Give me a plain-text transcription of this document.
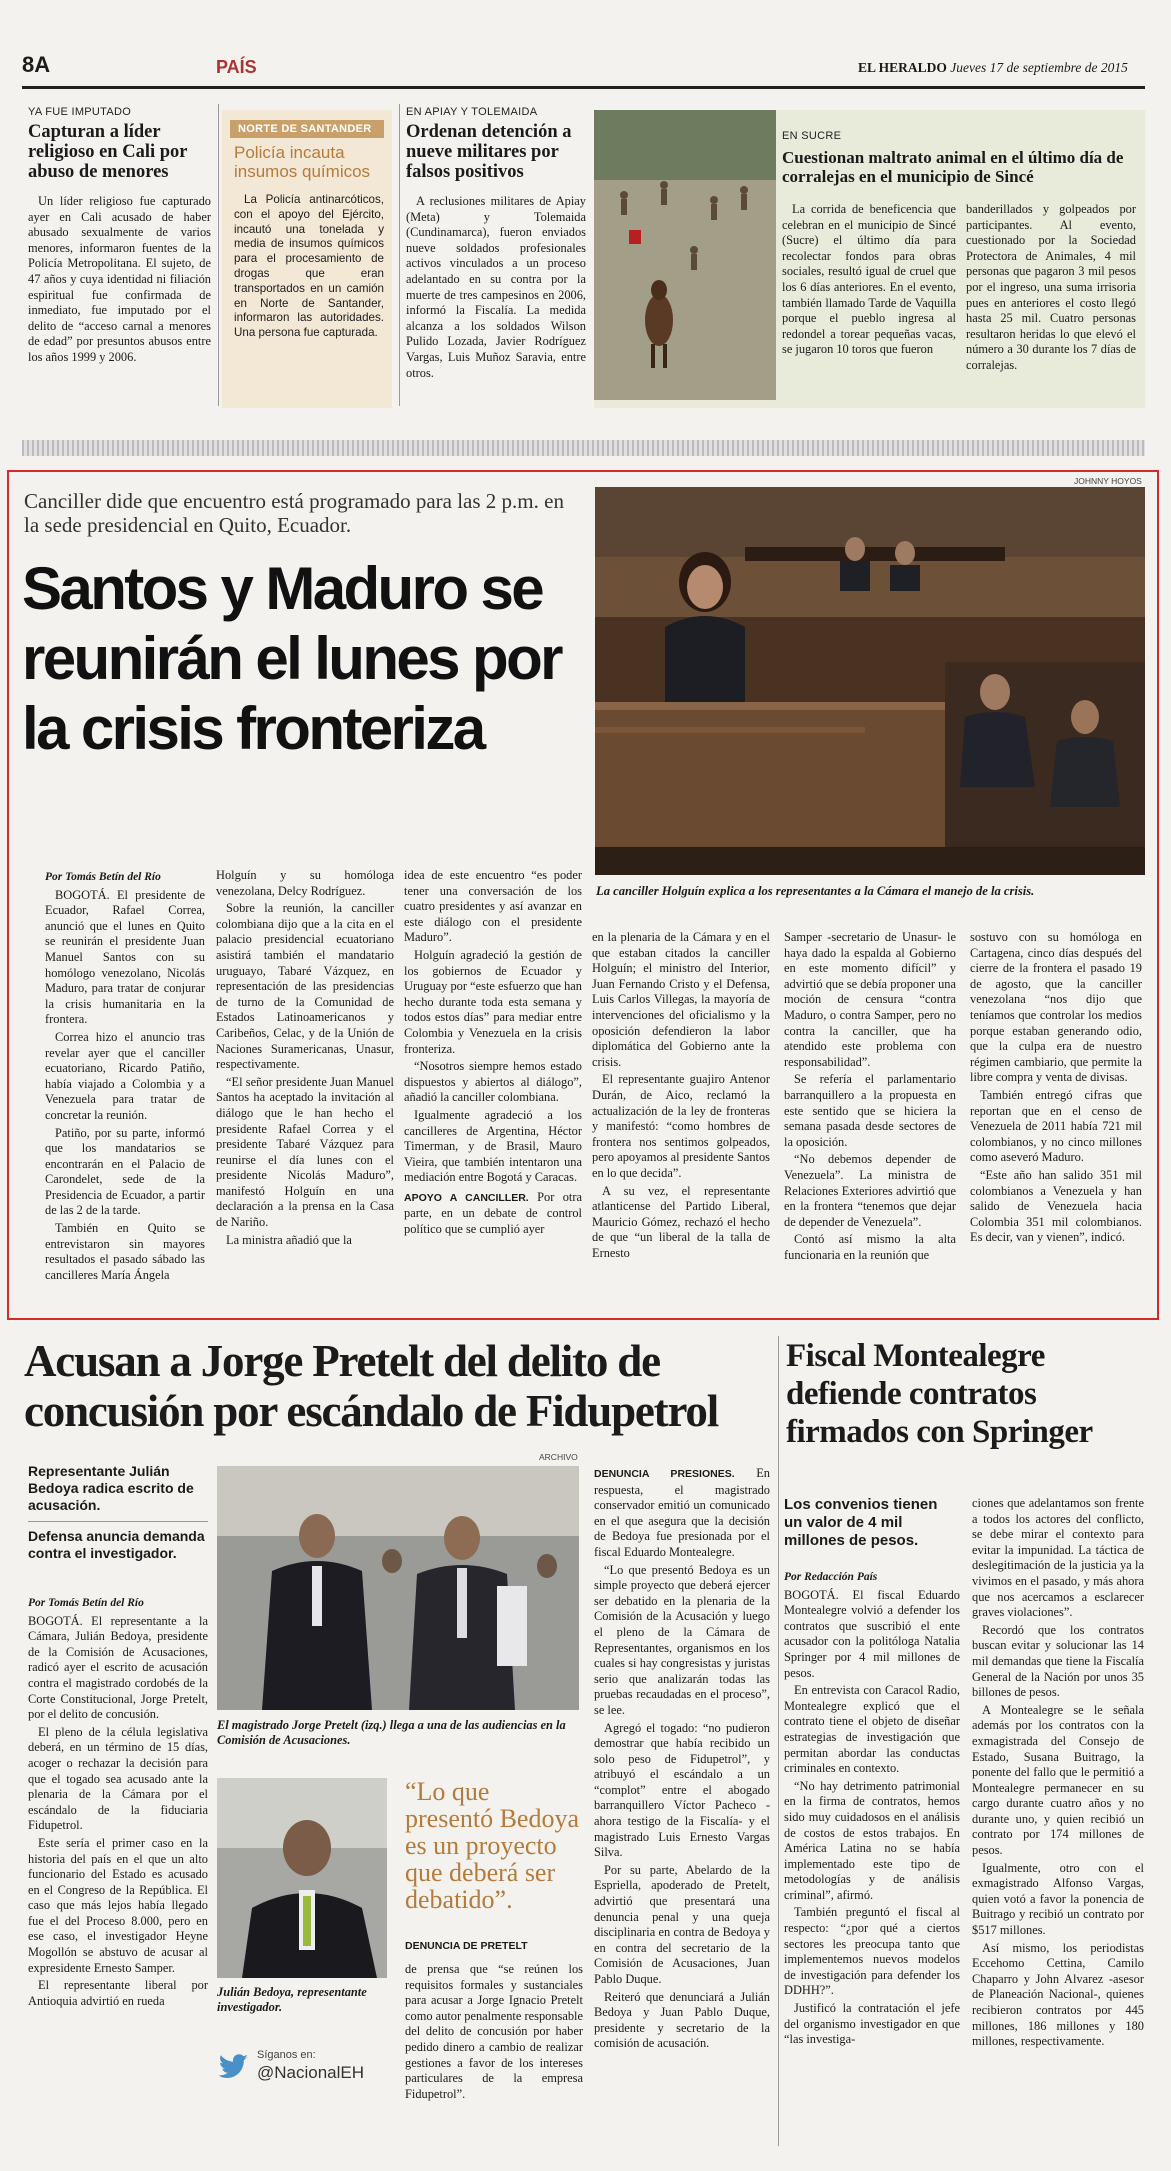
8A	PAÍS	EL HERALDO Jueves 17 de septiembre de 2015
YA FUE IMPUTADO
Capturan a líder religioso en Cali por abuso de menores
Un líder religioso fue capturado ayer en Cali acusado de haber abusado sexualmente de varios menores, informaron fuentes de la Policía Metropolitana. El sujeto, de 47 años y cuya identidad ni filiación espiritual fue confirmada de inmediato, fue imputado por el delito de “acceso carnal a menores de edad” por presuntos abusos entre los años 1999 y 2006.
NORTE DE SANTANDER
Policía incauta insumos químicos
La Policía antinarcóticos, con el apoyo del Ejército, incautó una tonelada y media de insumos químicos para el procesamiento de drogas que eran transportados en un camión en Norte de Santander, informaron las autoridades. Una persona fue capturada.
EN APIAY Y TOLEMAIDA
Ordenan detención a nueve militares por falsos positivos
A reclusiones militares de Apiay (Meta) y Tolemaida (Cundinamarca), fueron enviados nueve soldados profesionales activos vinculados a un proceso adelantado en su contra por la muerte de tres campesinos en 2006, informó la Fiscalía. La medida alcanza a los soldados Wilson Pulido Lozada, Javier Rodríguez Vargas, Luis Muñoz Saravia, entre otros.
EN SUCRE
Cuestionan maltrato animal en el último día de corralejas en el municipio de Sincé
La corrida de beneficencia que celebran en el municipio de Sincé (Sucre) el último día para recolectar fondos para obras sociales, resultó igual de cruel que los 6 días anteriores. En el evento, también llamado Tarde de Vaquilla porque el pueblo ingresa al redondel a torear pequeñas vacas, se jugaron 10 toros que fueron
banderillados y golpeados por participantes. Al evento, cuestionado por la Sociedad Protectora de Animales, 4 mil personas que pagaron 3 mil pesos por el ingreso, una suma irrisoria pues en anteriores el costo llegó hasta 25 mil. Cuatro personas resultaron heridas lo que elevó el número a 30 durante los 7 días de corralejas.
Canciller dide que encuentro está programado para las 2 p.m. en la sede presidencial en Quito, Ecuador.
Santos y Maduro se reunirán el lunes por la crisis fronteriza
JOHNNY HOYOS
La canciller Holguín explica a los representantes a la Cámara el manejo de la crisis.

Por Tomás Betín del Río

BOGOTÁ. El presidente de Ecuador, Rafael Correa, anunció que el lunes en Quito se reunirán el presidente Juan Manuel Santos con su homólogo venezolano, Nicolás Maduro, para tratar de conjurar la crisis humanitaria en la frontera.

Correa hizo el anuncio tras revelar ayer que el canciller ecuatoriano, Ricardo Patiño, había viajado a Colombia y a Venezuela para tratar de concretar la reunión.

Patiño, por su parte, informó que los mandatarios se encontrarán en el Palacio de Carondelet, sede de la Presidencia de Ecuador, a partir de las 2 de la tarde.

También en Quito se entrevistaron sin mayores resultados el pasado sábado las cancilleres María Ángela

Holguín y su homóloga venezolana, Delcy Rodríguez.

Sobre la reunión, la canciller colombiana dijo que a la cita en el palacio presidencial ecuatoriano asistirá también el mandatario uruguayo, Tabaré Vázquez, en representación de las presidencias de turno de la Comunidad de Estados Latinoamericanos y Caribeños, Celac, y de la Unión de Naciones Suramericanas, Unasur, respectivamente.

“El señor presidente Juan Manuel Santos ha aceptado la invitación al diálogo que le han hecho el presidente Rafael Correa y el presidente Tabaré Vázquez para reunirse el día lunes con el presidente Nicolás Maduro”, manifestó Holguín en una declaración a la prensa en la Casa de Nariño.

La ministra añadió que la

idea de este encuentro “es poder tener una conversación de los cuatro presidentes y así avanzar en este diálogo con el presidente Maduro”.

Holguín agradeció la gestión de los gobiernos de Ecuador y Uruguay por “este esfuerzo que han hecho durante toda esta semana y todos estos días” para mediar entre Colombia y Venezuela en la crisis fronteriza.

“Nosotros siempre hemos estado dispuestos y abiertos al diálogo”, añadió la canciller colombiana.

Igualmente agradeció a los cancilleres de Argentina, Héctor Timerman, y de Brasil, Mauro Vieira, que también intentaron una mediación entre Bogotá y Caracas.

APOYO A CANCILLER. Por otra parte, en un debate de control político que se cumplió ayer

en la plenaria de la Cámara y en el que estaban citados la canciller Holguín; el ministro del Interior, Juan Fernando Cristo y el Defensa, Luis Carlos Villegas, la mayoría de intervenciones del oficialismo y la oposición defendieron la labor diplomática del Gobierno ante la crisis.

El representante guajiro Antenor Durán, de Aico, reclamó la actualización de la ley de fronteras y manifestó: “como hombres de frontera nos sentimos golpeados, pero apoyamos al presidente Santos en lo que decida”.

A su vez, el representante atlanticense del Partido Liberal, Mauricio Gómez, rechazó el hecho de que “un liberal de la talla de Ernesto

Samper -secretario de Unasur- le haya dado la espalda al Gobierno en este momento difícil” y advirtió que se debía proponer una moción de censura “contra Maduro, o contra Samper, pero no contra la canciller, que ha atendido este problema con responsabilidad”.

Se refería el parlamentario barranquillero a la propuesta en este sentido que se hiciera la semana pasada desde sectores de la oposición.

“No debemos depender de Venezuela”. La ministra de Relaciones Exteriores advirtió que en la frontera “tenemos que dejar de depender de Venezuela”.

Contó así mismo la alta funcionaria en la reunión que

sostuvo con su homóloga en Cartagena, cinco días después del cierre de la frontera el pasado 19 de agosto, que la canciller venezolana “nos dijo que teníamos que controlar los medios porque estaban generando odio, que la culpa era de nuestro régimen cambiario, que permite la libre compra y venta de divisas.

También entregó cifras que reportan que en el censo de Venezuela de 2011 había 721 mil colombianos, y no cinco millones como aseveró Maduro.

“Este año han salido 351 mil colombianos a Venezuela y han salido de Venezuela hacia Colombia 351 mil colombianos. Es decir, van y vienen”, indicó.

Acusan a Jorge Pretelt del delito de concusión por escándalo de Fidupetrol
Representante Julián Bedoya radica escrito de acusación.
Defensa anuncia demanda contra el investigador.

Por Tomás Betín del Río

BOGOTÁ. El representante a la Cámara, Julián Bedoya, presidente de la Comisión de Acusaciones, radicó ayer el escrito de acusación contra el magistrado cordobés de la Corte Constitucional, Jorge Pretelt, por el delito de concusión.

El pleno de la célula legislativa deberá, en un término de 15 días, acoger o rechazar la decisión para que el togado sea acusado ante la plenaria de la Cámara por el escándalo de la fiduciaria Fidupetrol.

Este sería el primer caso en la historia del país en el que un alto funcionario del Estado es acusado en el Congreso de la República. El caso que más lejos había llegado fue el del Proceso 8.000, pero en ese caso, el investigador Heyne Mogollón se abstuvo de acusar al expresidente Ernesto Samper.

El representante liberal por Antioquia advirtió en rueda

ARCHIVO
El magistrado Jorge Pretelt (izq.) llega a una de las audiencias en la Comisión de Acusaciones.
Julián Bedoya, representante investigador.
“Lo que presentó Bedoya es un proyecto que deberá ser debatido”.
DENUNCIA DE PRETELT
Síganos en:
@NacionalEH

de prensa que “se reúnen los requisitos formales y sustanciales para acusar a Jorge Ignacio Pretelt como autor penalmente responsable del delito de concusión por haber pedido dinero a cambio de realizar gestiones a favor de los intereses particulares de la empresa Fidupetrol”.

DENUNCIA PRESIONES. En respuesta, el magistrado conservador emitió un comunicado en el que asegura que la decisión de Bedoya fue presionada por el fiscal Eduardo Montealegre.

“Lo que presentó Bedoya es un simple proyecto que deberá ejercer ser debatido en la plenaria de la Comisión de la Acusación y luego el pleno de la Cámara de Representantes, organismos en los cuales si hay congresistas y juristas serio que analizarán todas las pruebas recaudadas en el proceso”, se lee.

Agregó el togado: “no pudieron demostrar que había recibido un solo peso de Fidupetrol”, y atribuyó el escándalo a un “complot” entre el abogado barranquillero Víctor Pacheco -ahora testigo de la Fiscalía- y el magistrado Luis Ernesto Vargas Silva.

Por su parte, Abelardo de la Espriella, apoderado de Pretelt, advirtió que presentará una denuncia penal y una queja disciplinaria en contra de Bedoya y en contra del secretario de la Comisión de Acusaciones, Juan Pablo Duque.

Reiteró que denunciará a Julián Bedoya y Juan Pablo Duque, presidente y secretario de la comisión de acusación.

Fiscal Montealegre defiende contratos firmados con Springer
Los convenios tienen un valor de 4 mil millones de pesos.

Por Redacción País

BOGOTÁ. El fiscal Eduardo Montealegre volvió a defender los contratos que suscribió el ente acusador con la politóloga Natalia Springer por 4 mil millones de pesos.

En entrevista con Caracol Radio, Montealegre explicó que el contrato tiene el objeto de diseñar estrategias de investigación que permitan abordar las conductas criminales en contexto.

“No hay detrimento patrimonial en la firma de contratos, hemos sido muy cuidadosos en el análisis de costos de estos trabajos. En América Latina no se había implementado este tipo de metodologías y de análisis criminal”, afirmó.

También preguntó el fiscal al respecto: “¿por qué a ciertos sectores les preocupa tanto que implementemos nuevos modelos de investigación para defender los DDHH?”.

Justificó la contratación el jefe del organismo investigador en que “las investiga-

ciones que adelantamos son frente a todos los actores del conflicto, se debe mirar el contexto para evitar la impunidad. La táctica de deslegitimación de la justicia ya la vivimos en el pasado, y más ahora que nos acercamos a esclarecer graves violaciones”.

Recordó que los contratos buscan evitar y solucionar las 14 mil demandas que tiene la Fiscalía General de la Nación por unos 35 billones de pesos.

A Montealegre se le señala además por los contratos con la exmagistrada del Consejo de Estado, Susana Buitrago, la ponente del fallo que le permitió a Montealegre permanecer en su cargo durante cuatro años y no durante uno, y quien recibió un contrato por 174 millones de pesos.

Igualmente, otro con el exmagistrado Alfonso Vargas, quien votó a favor la ponencia de Buitrago y recibió un contrato por $517 millones.

Así mismo, los periodistas Eccehomo Cettina, Camilo Chaparro y John Alvarez -asesor de Planeación Nacional-, quienes recibieron contratos por 445 millones, 186 millones y 180 millones, respectivamente.
